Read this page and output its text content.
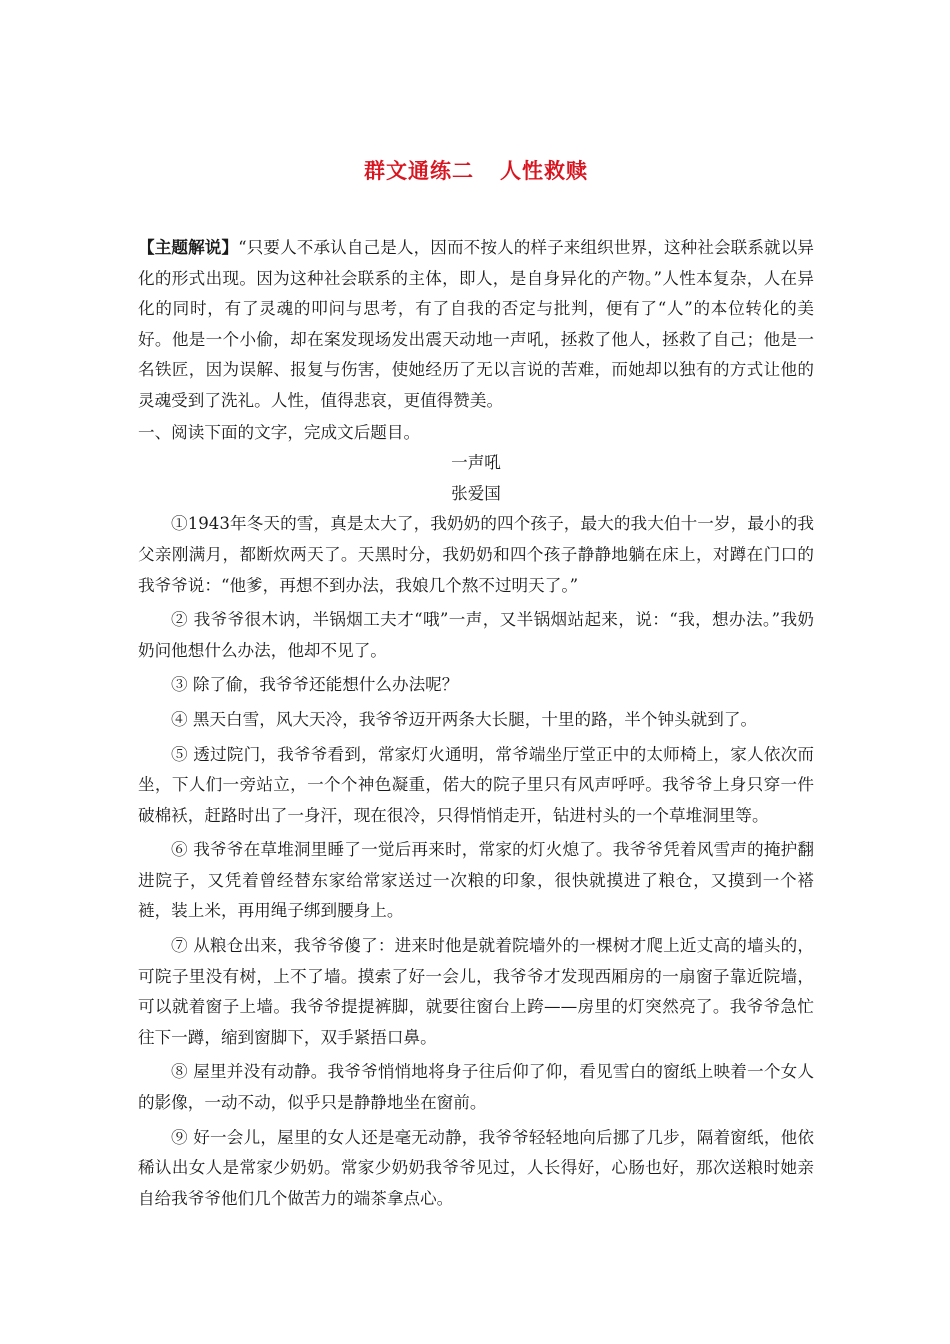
群文通练二 人性救赎

【主题解说】“只要人不承认自己是人，因而不按人的样子来组织世界，这种社会联系就以异化的形式出现。因为这种社会联系的主体，即人，是自身异化的产物。”人性本复杂，人在异化的同时，有了灵魂的叩问与思考，有了自我的否定与批判，便有了“人”的本位转化的美好。他是一个小偷，却在案发现场发出震天动地一声吼，拯救了他人，拯救了自己；他是一名铁匠，因为误解、报复与伤害，使她经历了无以言说的苦难，而她却以独有的方式让他的灵魂受到了洗礼。人性，值得悲哀，更值得赞美。

一、阅读下面的文字，完成文后题目。

一声吼
张爱国

①1943年冬天的雪，真是太大了，我奶奶的四个孩子，最大的我大伯十一岁，最小的我父亲刚满月，都断炊两天了。天黑时分，我奶奶和四个孩子静静地躺在床上，对蹲在门口的我爷爷说：“他爹，再想不到办法，我娘几个熬不过明天了。”

② 我爷爷很木讷，半锅烟工夫才“哦”一声，又半锅烟站起来，说：“我，想办法。”我奶奶问他想什么办法，他却不见了。

③ 除了偷，我爷爷还能想什么办法呢？

④ 黑天白雪，风大天冷，我爷爷迈开两条大长腿，十里的路，半个钟头就到了。

⑤ 透过院门，我爷爷看到，常家灯火通明，常爷端坐厅堂正中的太师椅上，家人依次而坐，下人们一旁站立，一个个神色凝重，偌大的院子里只有风声呼呼。我爷爷上身只穿一件破棉袄，赶路时出了一身汗，现在很冷，只得悄悄走开，钻进村头的一个草堆洞里等。

⑥ 我爷爷在草堆洞里睡了一觉后再来时，常家的灯火熄了。我爷爷凭着风雪声的掩护翻进院子，又凭着曾经替东家给常家送过一次粮的印象，很快就摸进了粮仓，又摸到一个褡裢，装上米，再用绳子绑到腰身上。

⑦ 从粮仓出来，我爷爷傻了：进来时他是就着院墙外的一棵树才爬上近丈高的墙头的，可院子里没有树，上不了墙。摸索了好一会儿，我爷爷才发现西厢房的一扇窗子靠近院墙，可以就着窗子上墙。我爷爷提提裤脚，就要往窗台上跨——房里的灯突然亮了。我爷爷急忙往下一蹲，缩到窗脚下，双手紧捂口鼻。

⑧ 屋里并没有动静。我爷爷悄悄地将身子往后仰了仰，看见雪白的窗纸上映着一个女人的影像，一动不动，似乎只是静静地坐在窗前。

⑨ 好一会儿，屋里的女人还是毫无动静，我爷爷轻轻地向后挪了几步，隔着窗纸，他依稀认出女人是常家少奶奶。常家少奶奶我爷爷见过，人长得好，心肠也好，那次送粮时她亲自给我爷爷他们几个做苦力的端茶拿点心。
